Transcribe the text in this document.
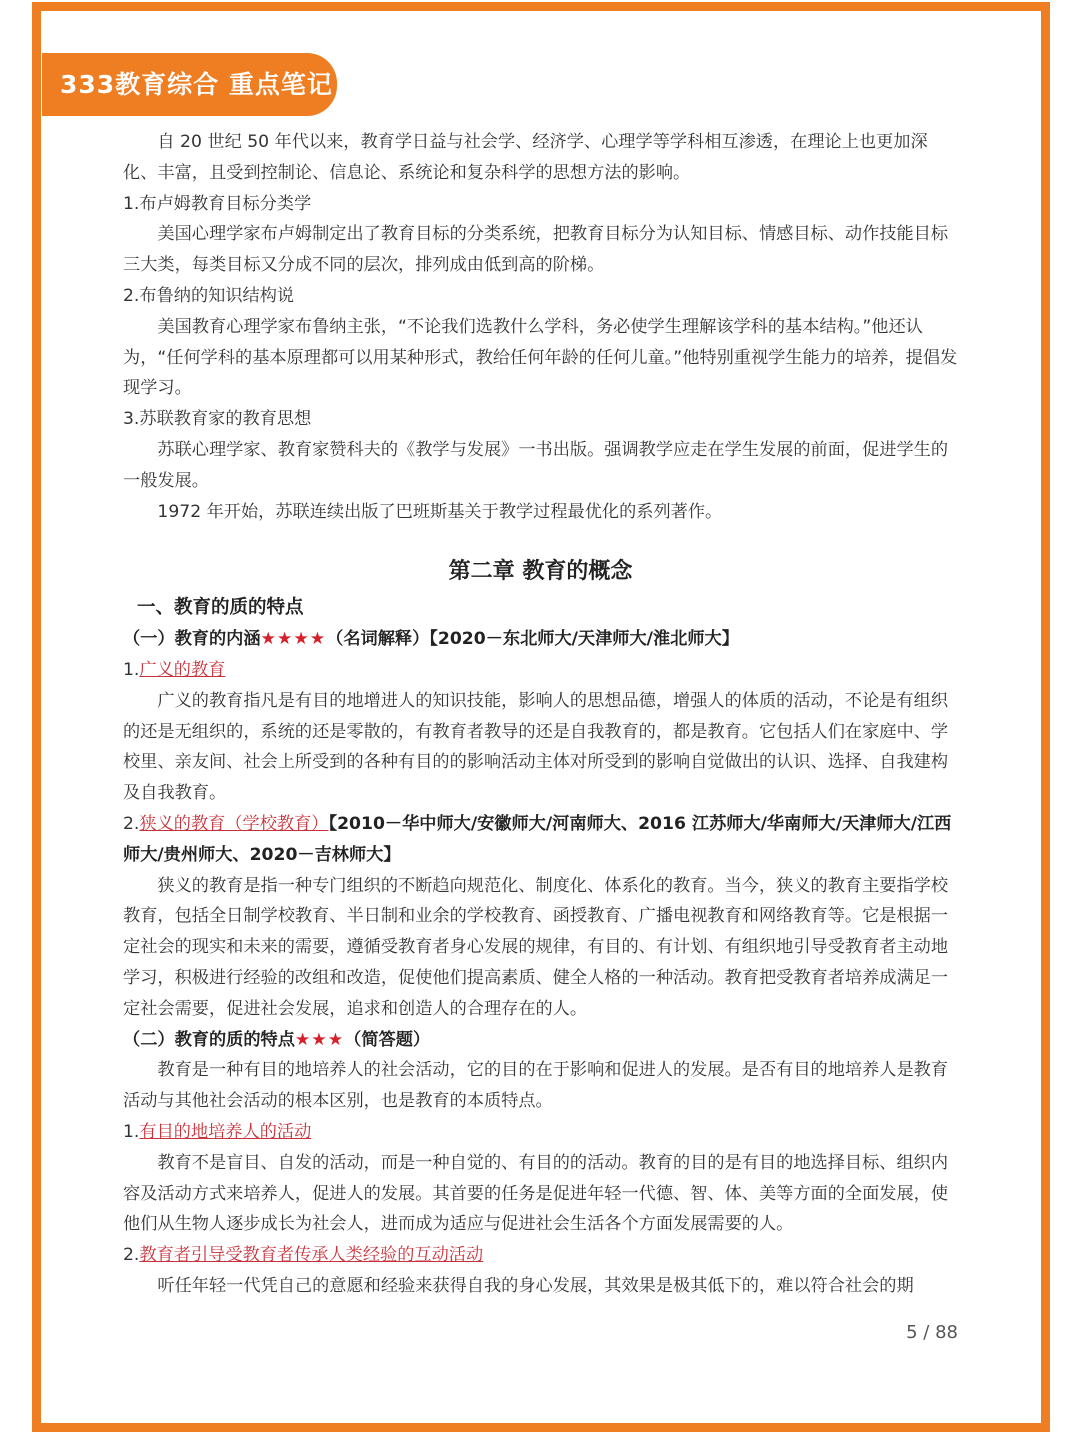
333教育综合 重点笔记

自 20 世纪 50 年代以来，教育学日益与社会学、经济学、心理学等学科相互渗透，在理论上也更加深化、丰富，且受到控制论、信息论、系统论和复杂科学的思想方法的影响。

1.布卢姆教育目标分类学

美国心理学家布卢姆制定出了教育目标的分类系统，把教育目标分为认知目标、情感目标、动作技能目标三大类，每类目标又分成不同的层次，排列成由低到高的阶梯。

2.布鲁纳的知识结构说

美国教育心理学家布鲁纳主张，“不论我们选教什么学科，务必使学生理解该学科的基本结构。”他还认为，“任何学科的基本原理都可以用某种形式，教给任何年龄的任何儿童。”他特别重视学生能力的培养，提倡发现学习。

3.苏联教育家的教育思想

苏联心理学家、教育家赞科夫的《教学与发展》一书出版。强调教学应走在学生发展的前面，促进学生的一般发展。

1972 年开始，苏联连续出版了巴班斯基关于教学过程最优化的系列著作。

第二章 教育的概念

一、教育的质的特点

（一）教育的内涵★★★★（名词解释）【2020－东北师大/天津师大/淮北师大】

1.广义的教育

广义的教育指凡是有目的地增进人的知识技能，影响人的思想品德，增强人的体质的活动，不论是有组织的还是无组织的，系统的还是零散的，有教育者教导的还是自我教育的，都是教育。它包括人们在家庭中、学校里、亲友间、社会上所受到的各种有目的的影响活动主体对所受到的影响自觉做出的认识、选择、自我建构及自我教育。

2.狭义的教育（学校教育）【2010－华中师大/安徽师大/河南师大、2016 江苏师大/华南师大/天津师大/江西师大/贵州师大、2020－吉林师大】

狭义的教育是指一种专门组织的不断趋向规范化、制度化、体系化的教育。当今，狭义的教育主要指学校教育，包括全日制学校教育、半日制和业余的学校教育、函授教育、广播电视教育和网络教育等。它是根据一定社会的现实和未来的需要，遵循受教育者身心发展的规律，有目的、有计划、有组织地引导受教育者主动地学习，积极进行经验的改组和改造，促使他们提高素质、健全人格的一种活动。教育把受教育者培养成满足一定社会需要，促进社会发展，追求和创造人的合理存在的人。

（二）教育的质的特点★★★（简答题）

教育是一种有目的地培养人的社会活动，它的目的在于影响和促进人的发展。是否有目的地培养人是教育活动与其他社会活动的根本区别，也是教育的本质特点。

1.有目的地培养人的活动

教育不是盲目、自发的活动，而是一种自觉的、有目的的活动。教育的目的是有目的地选择目标、组织内容及活动方式来培养人，促进人的发展。其首要的任务是促进年轻一代德、智、体、美等方面的全面发展，使他们从生物人逐步成长为社会人，进而成为适应与促进社会生活各个方面发展需要的人。

2.教育者引导受教育者传承人类经验的互动活动

听任年轻一代凭自己的意愿和经验来获得自我的身心发展，其效果是极其低下的，难以符合社会的期

5 / 88
